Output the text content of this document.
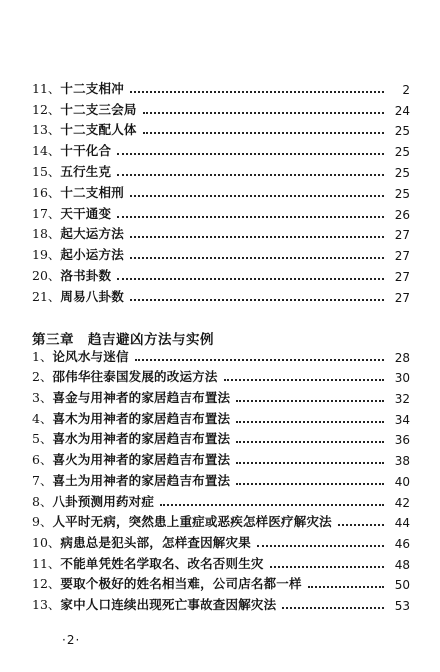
11、 十二支相冲	2
12、 十二支三会局	24
13、 十二支配人体	25
14、 十干化合	25
15、 五行生克	25
16、 十二支相刑	25
17、 天干通变	26
18、 起大运方法	27
19、 起小运方法	27
20、 洛书卦数	27
21、 周易八卦数	27
第三章 趋吉避凶方法与实例
1、 论风水与迷信	28
2、 邵伟华往泰国发展的改运方法	30
3、 喜金与用神者的家居趋吉布置法	32
4、 喜木为用神者的家居趋吉布置法	34
5、 喜水为用神者的家居趋吉布置法	36
6、 喜火为用神者的家居趋吉布置法	38
7、 喜土为用神者的家居趋吉布置法	40
8、 八卦预测用药对症	42
9、 人平时无病，突然患上重症或恶疾怎样医疗解灾法	44
10、 病患总是犯头部，怎样查因解灾果	46
11、 不能单凭姓名学取名、改名否则生灾	48
12、 要取个极好的姓名相当难，公司店名都一样	50
13、 家中人口连续出现死亡事故查因解灾法	53
·2·
